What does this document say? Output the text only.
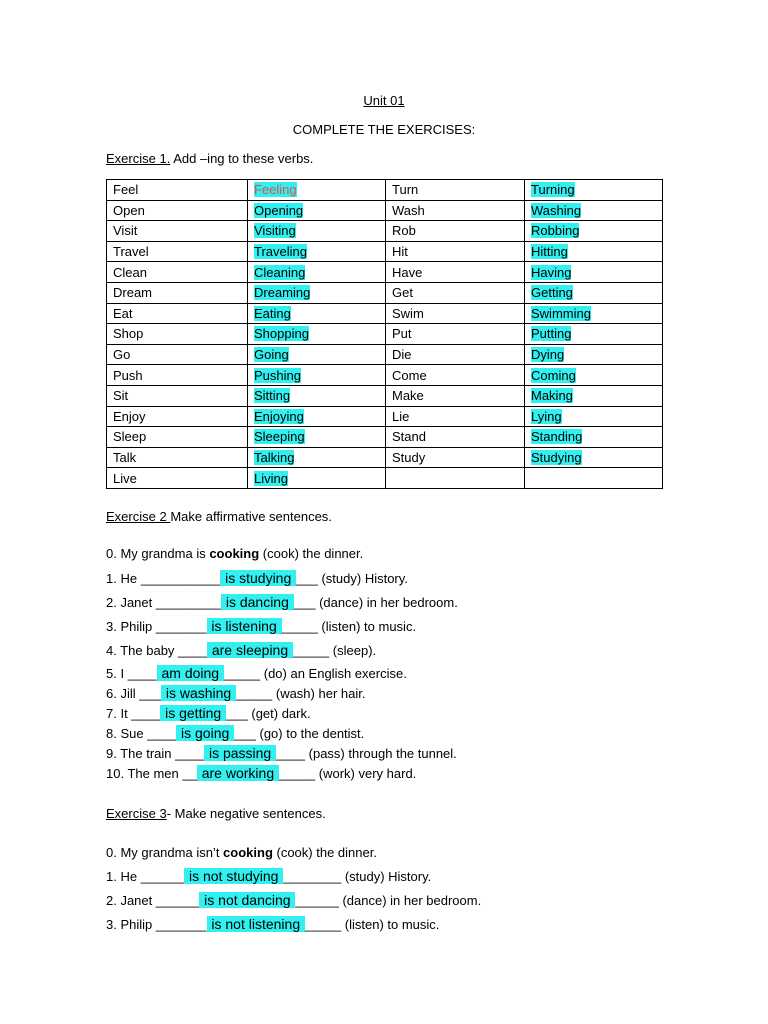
Unit 01
COMPLETE THE EXERCISES:
Exercise 1. Add –ing to these verbs.
Feel	Feeling	Turn	Turning
Open	Opening	Wash	Washing
Visit	Visiting	Rob	Robbing
Travel	Traveling	Hit	Hitting
Clean	Cleaning	Have	Having
Dream	Dreaming	Get	Getting
Eat	Eating	Swim	Swimming
Shop	Shopping	Put	Putting
Go	Going	Die	Dying
Push	Pushing	Come	Coming
Sit	Sitting	Make	Making
Enjoy	Enjoying	Lie	Lying
Sleep	Sleeping	Stand	Standing
Talk	Talking	Study	Studying
Live	Living		
Exercise 2 Make affirmative sentences.
0. My grandma is cooking (cook) the dinner.
1. He ___________ is studying ___ (study) History.
2. Janet _________ is dancing ___ (dance) in her bedroom.
3. Philip _______ is listening _____ (listen) to music.
4. The baby ____ are sleeping _____ (sleep).
5. I ____ am doing _____ (do) an English exercise.
6. Jill ___ is washing _____ (wash) her hair.
7. It ____ is getting ___ (get) dark.
8. Sue ____ is going ___ (go) to the dentist.
9. The train ____ is passing ____ (pass) through the tunnel.
10. The men __ are working _____ (work) very hard.
Exercise 3- Make negative sentences.
0. My grandma isn’t cooking (cook) the dinner.
1. He ______ is not studying ________ (study) History.
2. Janet ______ is not dancing ______ (dance) in her bedroom.
3. Philip _______ is not listening _____ (listen) to music.
